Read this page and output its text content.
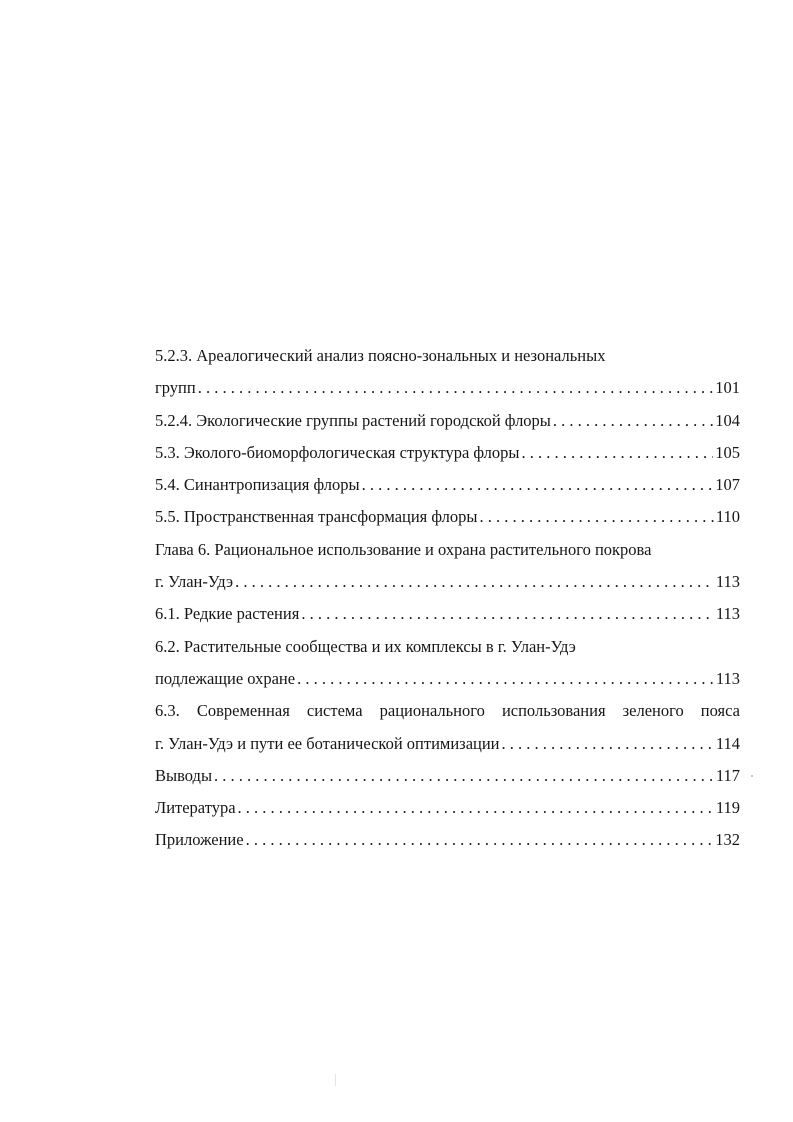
5.2.3. Ареалогический анализ поясно-зональных и незональных
групп . . .	101
5.2.4. Экологические группы растений городской флоры . . .	104
5.3. Эколого-биоморфологическая структура флоры . . .	105
5.4. Синантропизация флоры . . .	107
5.5. Пространственная трансформация флоры . . .	110
Глава 6. Рациональное использование и охрана растительного покрова
г. Улан-Удэ . . .	113
6.1. Редкие растения . . .	113
6.2. Растительные сообщества и их комплексы в г. Улан-Удэ
подлежащие охране . . .	113
6.3. Современная система рационального использования зеленого пояса
г. Улан-Удэ и пути ее ботанической оптимизации . . .	114
Выводы . . .	117
Литература . . .	119
Приложение . . .	132
